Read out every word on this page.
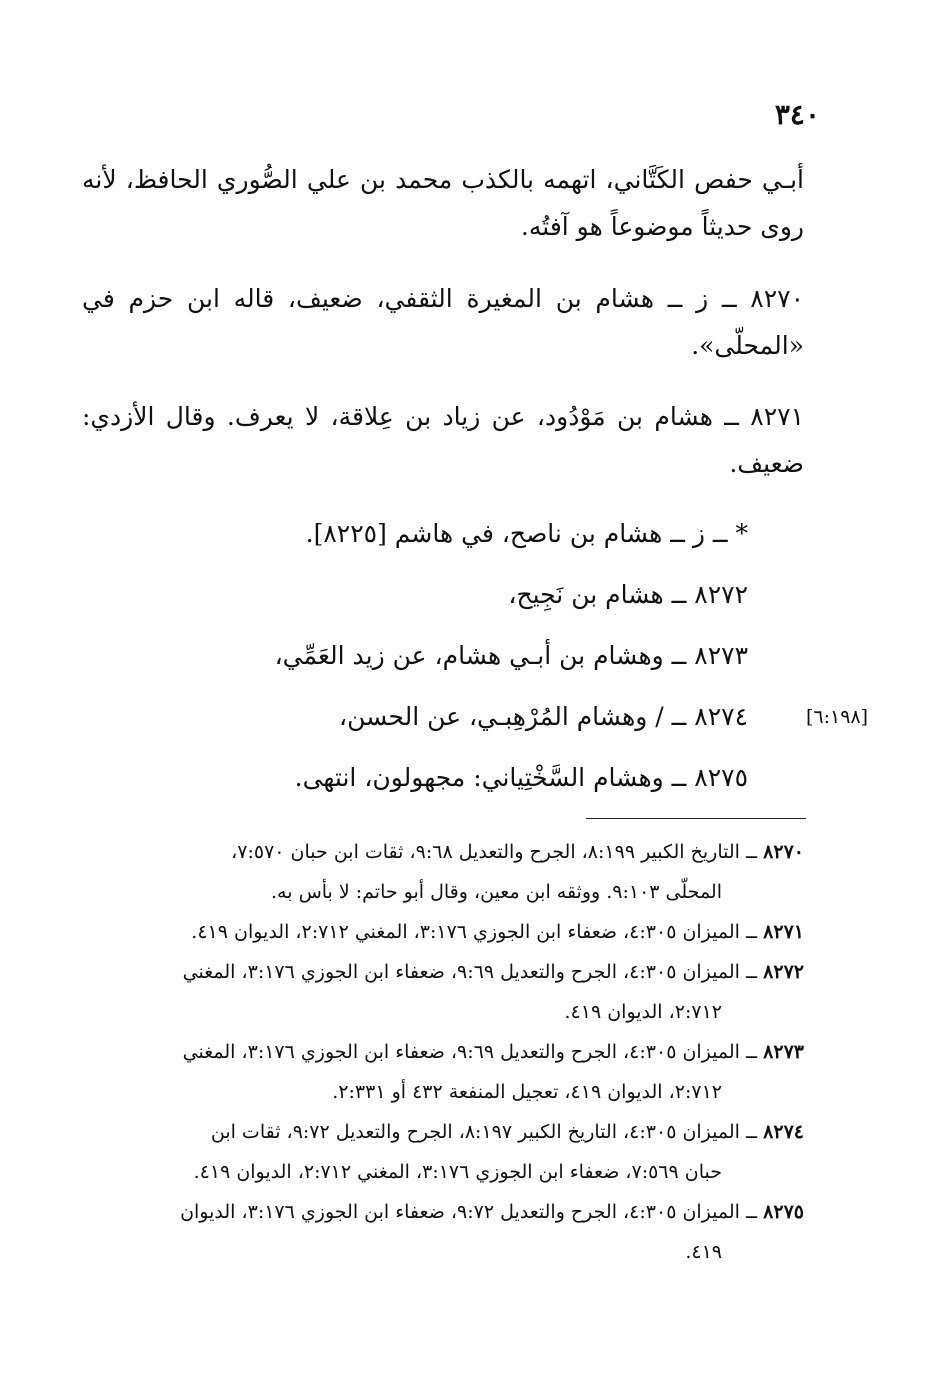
٣٤٠
أبـي حفص الكَتَّاني، اتهمه بالكذب محمد بن علي الصُّوري الحافظ، لأنه روى حديثاً موضوعاً هو آفتُه.
٨٢٧٠ ــ ز ــ هشام بن المغيرة الثقفي، ضعيف، قاله ابن حزم في «المحلّى».
٨٢٧١ ــ هشام بن مَوْدُود، عن زياد بن عِلاقة، لا يعرف. وقال الأزدي: ضعيف.
* ــ ز ــ هشام بن ناصح، في هاشم [٨٢٢٥].
٨٢٧٢ ــ هشام بن نَجِيح،
٨٢٧٣ ــ وهشام بن أبـي هشام، عن زيد العَمِّي،
٨٢٧٤ ــ / وهشام المُرْهِبـي، عن الحسن،
٨٢٧٥ ــ وهشام السَّخْتِياني: مجهولون، انتهى.
[٦:١٩٨]
٨٢٧٠ ــ التاريخ الكبير ٨:١٩٩، الجرح والتعديل ٩:٦٨، ثقات ابن حبان ٧:٥٧٠،
المحلّى ٩:١٠٣. ووثقه ابن معين، وقال أبو حاتم: لا بأس به.
٨٢٧١ ــ الميزان ٤:٣٠٥، ضعفاء ابن الجوزي ٣:١٧٦، المغني ٢:٧١٢، الديوان ٤١٩.
٨٢٧٢ ــ الميزان ٤:٣٠٥، الجرح والتعديل ٩:٦٩، ضعفاء ابن الجوزي ٣:١٧٦، المغني
٢:٧١٢، الديوان ٤١٩.
٨٢٧٣ ــ الميزان ٤:٣٠٥، الجرح والتعديل ٩:٦٩، ضعفاء ابن الجوزي ٣:١٧٦، المغني
٢:٧١٢، الديوان ٤١٩، تعجيل المنفعة ٤٣٢ أو ٢:٣٣١.
٨٢٧٤ ــ الميزان ٤:٣٠٥، التاريخ الكبير ٨:١٩٧، الجرح والتعديل ٩:٧٢، ثقات ابن
حبان ٧:٥٦٩، ضعفاء ابن الجوزي ٣:١٧٦، المغني ٢:٧١٢، الديوان ٤١٩.
٨٢٧٥ ــ الميزان ٤:٣٠٥، الجرح والتعديل ٩:٧٢، ضعفاء ابن الجوزي ٣:١٧٦، الديوان
٤١٩.
